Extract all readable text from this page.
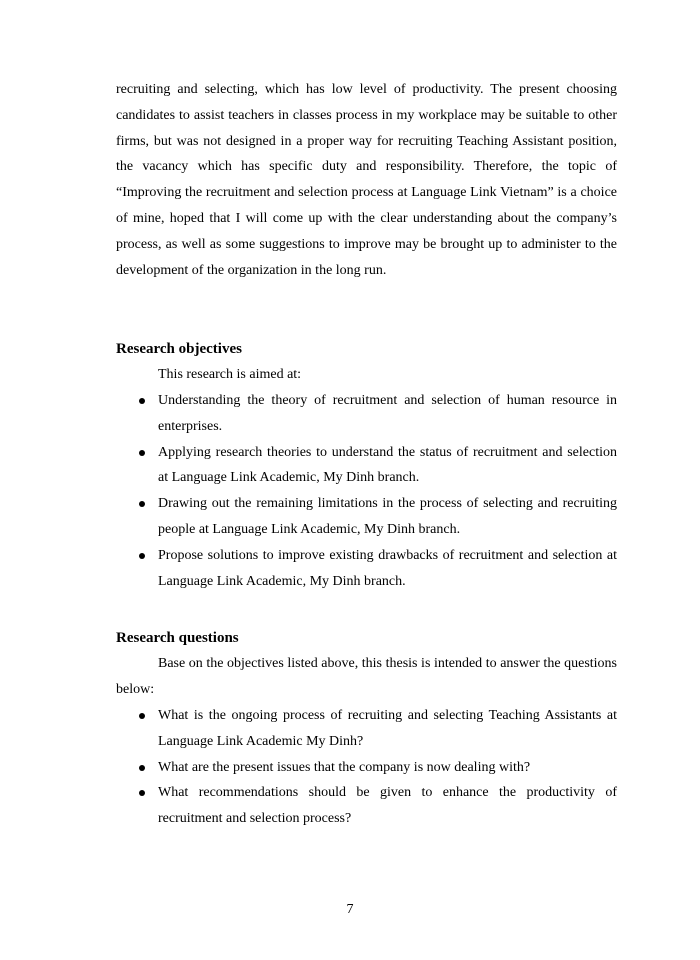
recruiting and selecting, which has low level of productivity. The present choosing candidates to assist teachers in classes process in my workplace may be suitable to other firms, but was not designed in a proper way for recruiting Teaching Assistant position, the vacancy which has specific duty and responsibility. Therefore, the topic of “Improving the recruitment and selection process at Language Link Vietnam” is a choice of mine, hoped that I will come up with the clear understanding about the company’s process, as well as some suggestions to improve may be brought up to administer to the development of the organization in the long run.

Research objectives
This research is aimed at:
Understanding the theory of recruitment and selection of human resource in enterprises.
Applying research theories to understand the status of recruitment and selection at Language Link Academic, My Dinh branch.
Drawing out the remaining limitations in the process of selecting and recruiting people at Language Link Academic, My Dinh branch.
Propose solutions to improve existing drawbacks of recruitment and selection at Language Link Academic, My Dinh branch.
Research questions

Base on the objectives listed above, this thesis is intended to answer the questions below:

What is the ongoing process of recruiting and selecting Teaching Assistants at Language Link Academic My Dinh?
What are the present issues that the company is now dealing with?
What recommendations should be given to enhance the productivity of recruitment and selection process?
7
